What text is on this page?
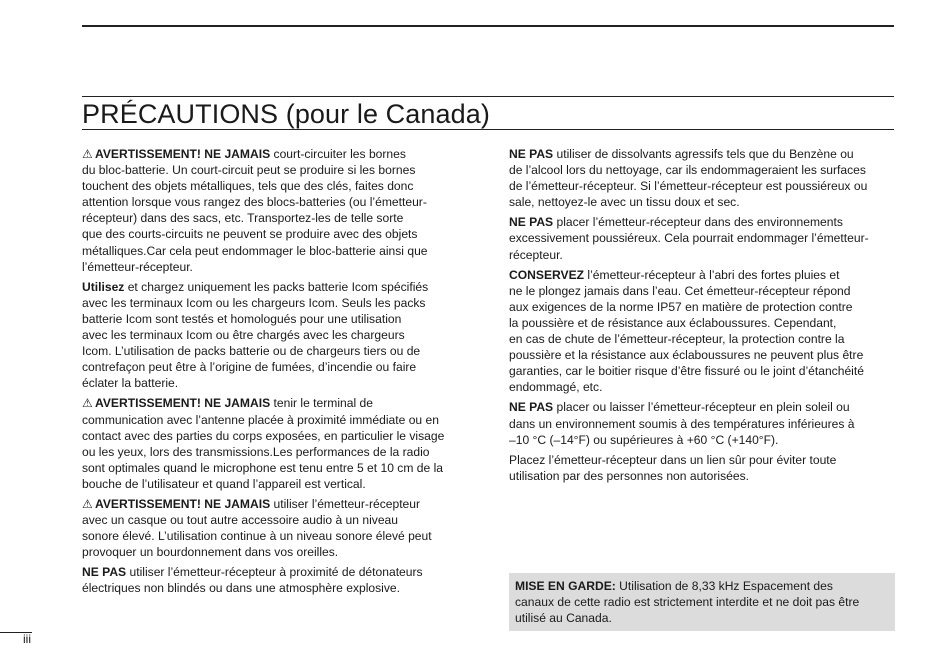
PRÉCAUTIONS (pour le Canada)

⚠ AVERTISSEMENT! NE JAMAIS court-circuiter les bornes
du bloc-batterie. Un court-circuit peut se produire si les bornes
touchent des objets métalliques, tels que des clés, faites donc
attention lorsque vous rangez des blocs-batteries (ou l’émetteur-
récepteur) dans des sacs, etc. Transportez-les de telle sorte
que des courts-circuits ne peuvent se produire avec des objets
métalliques.Car cela peut endommager le bloc-batterie ainsi que
l’émetteur-récepteur.

Utilisez et chargez uniquement les packs batterie Icom spécifiés
avec les terminaux Icom ou les chargeurs Icom. Seuls les packs
batterie Icom sont testés et homologués pour une utilisation
avec les terminaux Icom ou être chargés avec les chargeurs
Icom. L’utilisation de packs batterie ou de chargeurs tiers ou de
contrefaçon peut être à l’origine de fumées, d’incendie ou faire
éclater la batterie.

⚠ AVERTISSEMENT! NE JAMAIS tenir le terminal de
communication avec l’antenne placée à proximité immédiate ou en
contact avec des parties du corps exposées, en particulier le visage
ou les yeux, lors des transmissions.Les performances de la radio
sont optimales quand le microphone est tenu entre 5 et 10 cm de la
bouche de l’utilisateur et quand l’appareil est vertical.

⚠ AVERTISSEMENT! NE JAMAIS utiliser l’émetteur-récepteur
avec un casque ou tout autre accessoire audio à un niveau
sonore élevé. L’utilisation continue à un niveau sonore élevé peut
provoquer un bourdonnement dans vos oreilles.

NE PAS utiliser l’émetteur-récepteur à proximité de détonateurs
électriques non blindés ou dans une atmosphère explosive.

NE PAS utiliser de dissolvants agressifs tels que du Benzène ou
de l’alcool lors du nettoyage, car ils endommageraient les surfaces
de l’émetteur-récepteur. Si l’émetteur-récepteur est poussiéreux ou
sale, nettoyez-le avec un tissu doux et sec.

NE PAS placer l’émetteur-récepteur dans des environnements
excessivement poussiéreux. Cela pourrait endommager l’émetteur-
récepteur.

CONSERVEZ l’émetteur-récepteur à l’abri des fortes pluies et
ne le plongez jamais dans l’eau. Cet émetteur-récepteur répond
aux exigences de la norme IP57 en matière de protection contre
la poussière et de résistance aux éclaboussures. Cependant,
en cas de chute de l’émetteur-récepteur, la protection contre la
poussière et la résistance aux éclaboussures ne peuvent plus être
garanties, car le boitier risque d’être fissuré ou le joint d’étanchéité
endommagé, etc.

NE PAS placer ou laisser l’émetteur-récepteur en plein soleil ou
dans un environnement soumis à des températures inférieures à
–10 °C (–14°F) ou supérieures à +60 °C (+140°F).

Placez l’émetteur-récepteur dans un lien sûr pour éviter toute
utilisation par des personnes non autorisées.

MISE EN GARDE: Utilisation de 8,33 kHz Espacement des
canaux de cette radio est strictement interdite et ne doit pas être
utilisé au Canada.
iii
